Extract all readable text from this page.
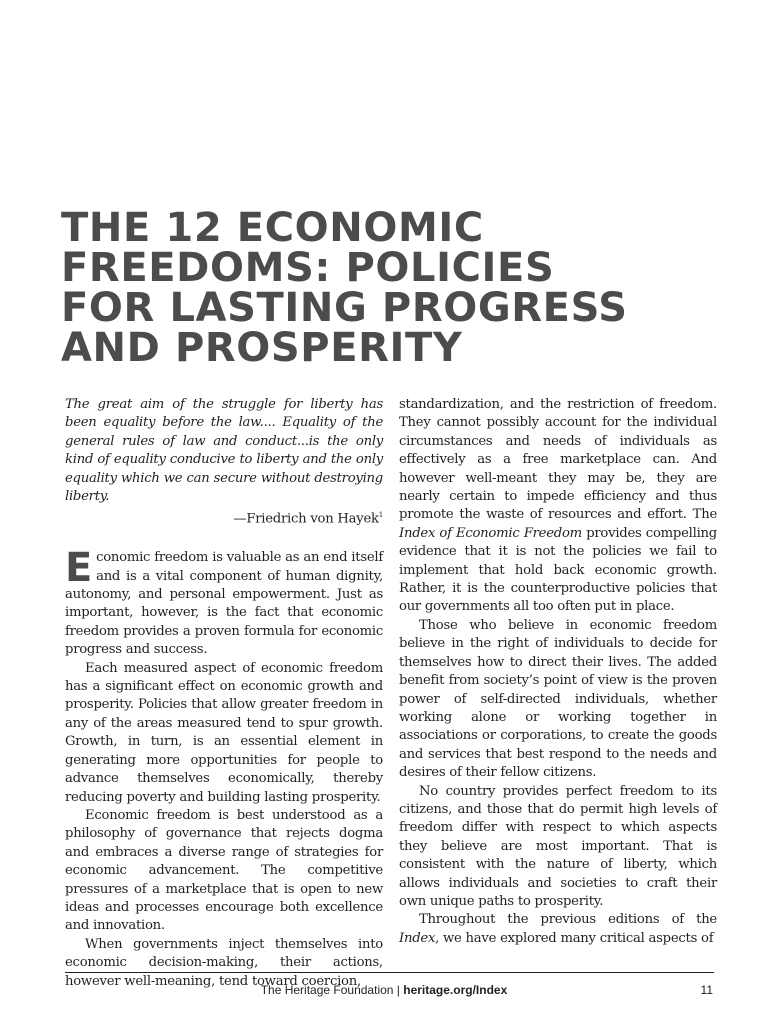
THE 12 ECONOMIC
FREEDOMS: POLICIES
FOR LASTING PROGRESS
AND PROSPERITY

The great aim of the struggle for liberty has been equality before the law.... Equality of the general rules of law and conduct...is the only kind of equality conducive to liberty and the only equality which we can secure without destroying liberty.

—Friedrich von Hayek$^1$

Economic freedom is valuable as an end itself and is a vital component of human dignity, autonomy, and personal empowerment. Just as important, however, is the fact that economic freedom provides a proven formula for economic progress and success.

Each measured aspect of economic freedom has a significant effect on economic growth and prosperity. Policies that allow greater freedom in any of the areas measured tend to spur growth. Growth, in turn, is an essential element in generating more opportunities for people to advance themselves economically, thereby reducing poverty and building lasting prosperity.

Economic freedom is best understood as a philosophy of governance that rejects dogma and embraces a diverse range of strategies for economic advancement. The competitive pressures of a marketplace that is open to new ideas and processes encourage both excellence and innovation.

When governments inject themselves into economic decision-making, their actions, however well-meaning, tend toward coercion,

standardization, and the restriction of freedom. They cannot possibly account for the individual circumstances and needs of individuals as effectively as a free marketplace can. And however well-meant they may be, they are nearly certain to impede efficiency and thus promote the waste of resources and effort. The Index of Economic Freedom provides compelling evidence that it is not the policies we fail to implement that hold back economic growth. Rather, it is the counterproductive policies that our governments all too often put in place.

Those who believe in economic freedom believe in the right of individuals to decide for themselves how to direct their lives. The added benefit from society’s point of view is the proven power of self-directed individuals, whether working alone or working together in associations or corporations, to create the goods and services that best respond to the needs and desires of their fellow citizens.

No country provides perfect freedom to its citizens, and those that do permit high levels of freedom differ with respect to which aspects they believe are most important. That is consistent with the nature of liberty, which allows individuals and societies to craft their own unique paths to prosperity.

Throughout the previous editions of the Index, we have explored many critical aspects of

The Heritage Foundation | heritage.org/Index	11
